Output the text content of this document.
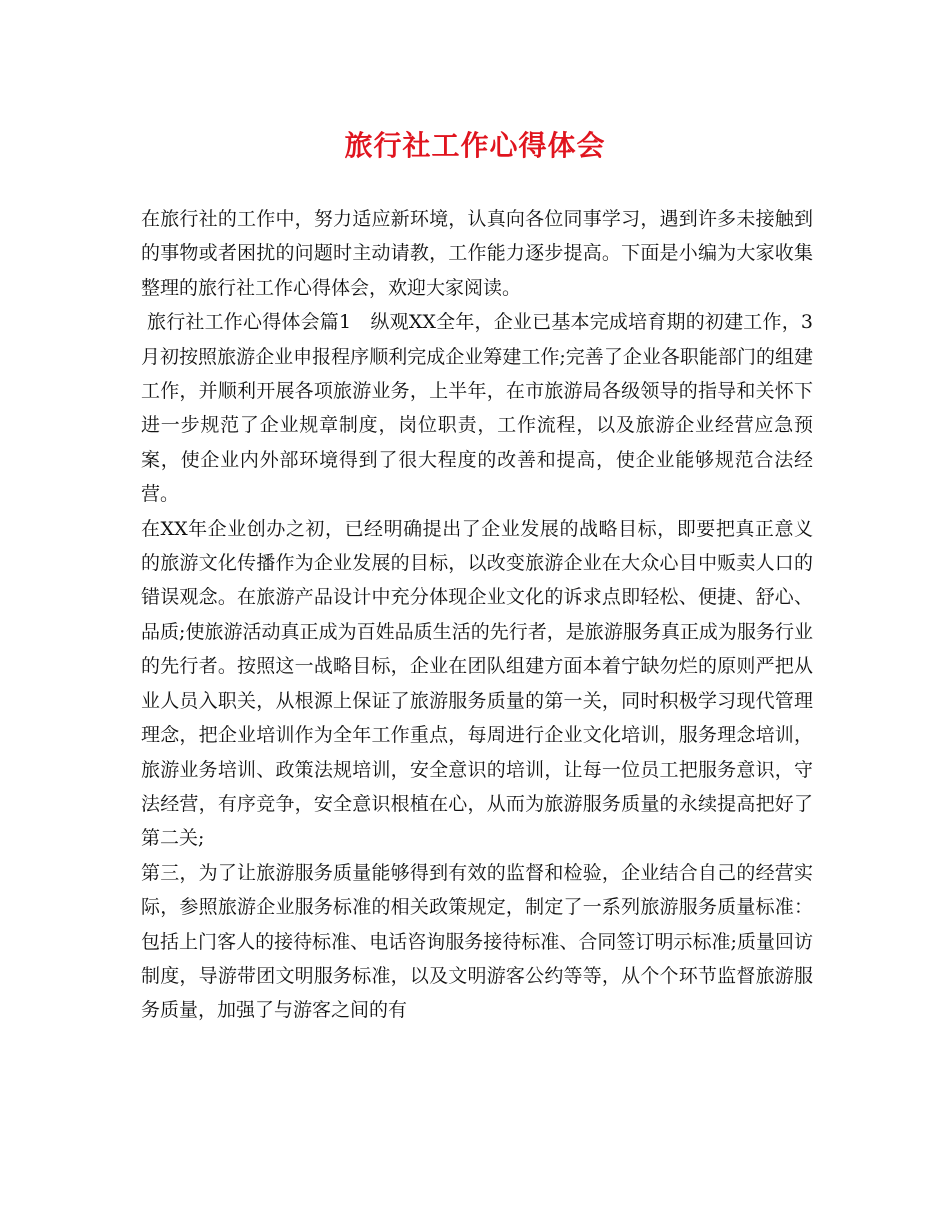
旅行社工作心得体会

在旅行社的工作中，努力适应新环境，认真向各位同事学习，遇到许多未接触到的事物或者困扰的问题时主动请教，工作能力逐步提高。下面是小编为大家收集整理的旅行社工作心得体会，欢迎大家阅读。

旅行社工作心得体会篇1　纵观XX全年，企业已基本完成培育期的初建工作，3月初按照旅游企业申报程序顺利完成企业筹建工作;完善了企业各职能部门的组建工作，并顺利开展各项旅游业务，上半年，在市旅游局各级领导的指导和关怀下进一步规范了企业规章制度，岗位职责，工作流程，以及旅游企业经营应急预案，使企业内外部环境得到了很大程度的改善和提高，使企业能够规范合法经营。

在XX年企业创办之初，已经明确提出了企业发展的战略目标，即要把真正意义的旅游文化传播作为企业发展的目标，以改变旅游企业在大众心目中贩卖人口的错误观念。在旅游产品设计中充分体现企业文化的诉求点即轻松、便捷、舒心、品质;使旅游活动真正成为百姓品质生活的先行者，是旅游服务真正成为服务行业的先行者。按照这一战略目标，企业在团队组建方面本着宁缺勿烂的原则严把从业人员入职关，从根源上保证了旅游服务质量的第一关，同时积极学习现代管理理念，把企业培训作为全年工作重点，每周进行企业文化培训，服务理念培训，旅游业务培训、政策法规培训，安全意识的培训，让每一位员工把服务意识，守法经营，有序竞争，安全意识根植在心，从而为旅游服务质量的永续提高把好了第二关;

第三，为了让旅游服务质量能够得到有效的监督和检验，企业结合自己的经营实际，参照旅游企业服务标准的相关政策规定，制定了一系列旅游服务质量标准：包括上门客人的接待标准、电话咨询服务接待标准、合同签订明示标准;质量回访制度，导游带团文明服务标准，以及文明游客公约等等，从个个环节监督旅游服务质量，加强了与游客之间的有
